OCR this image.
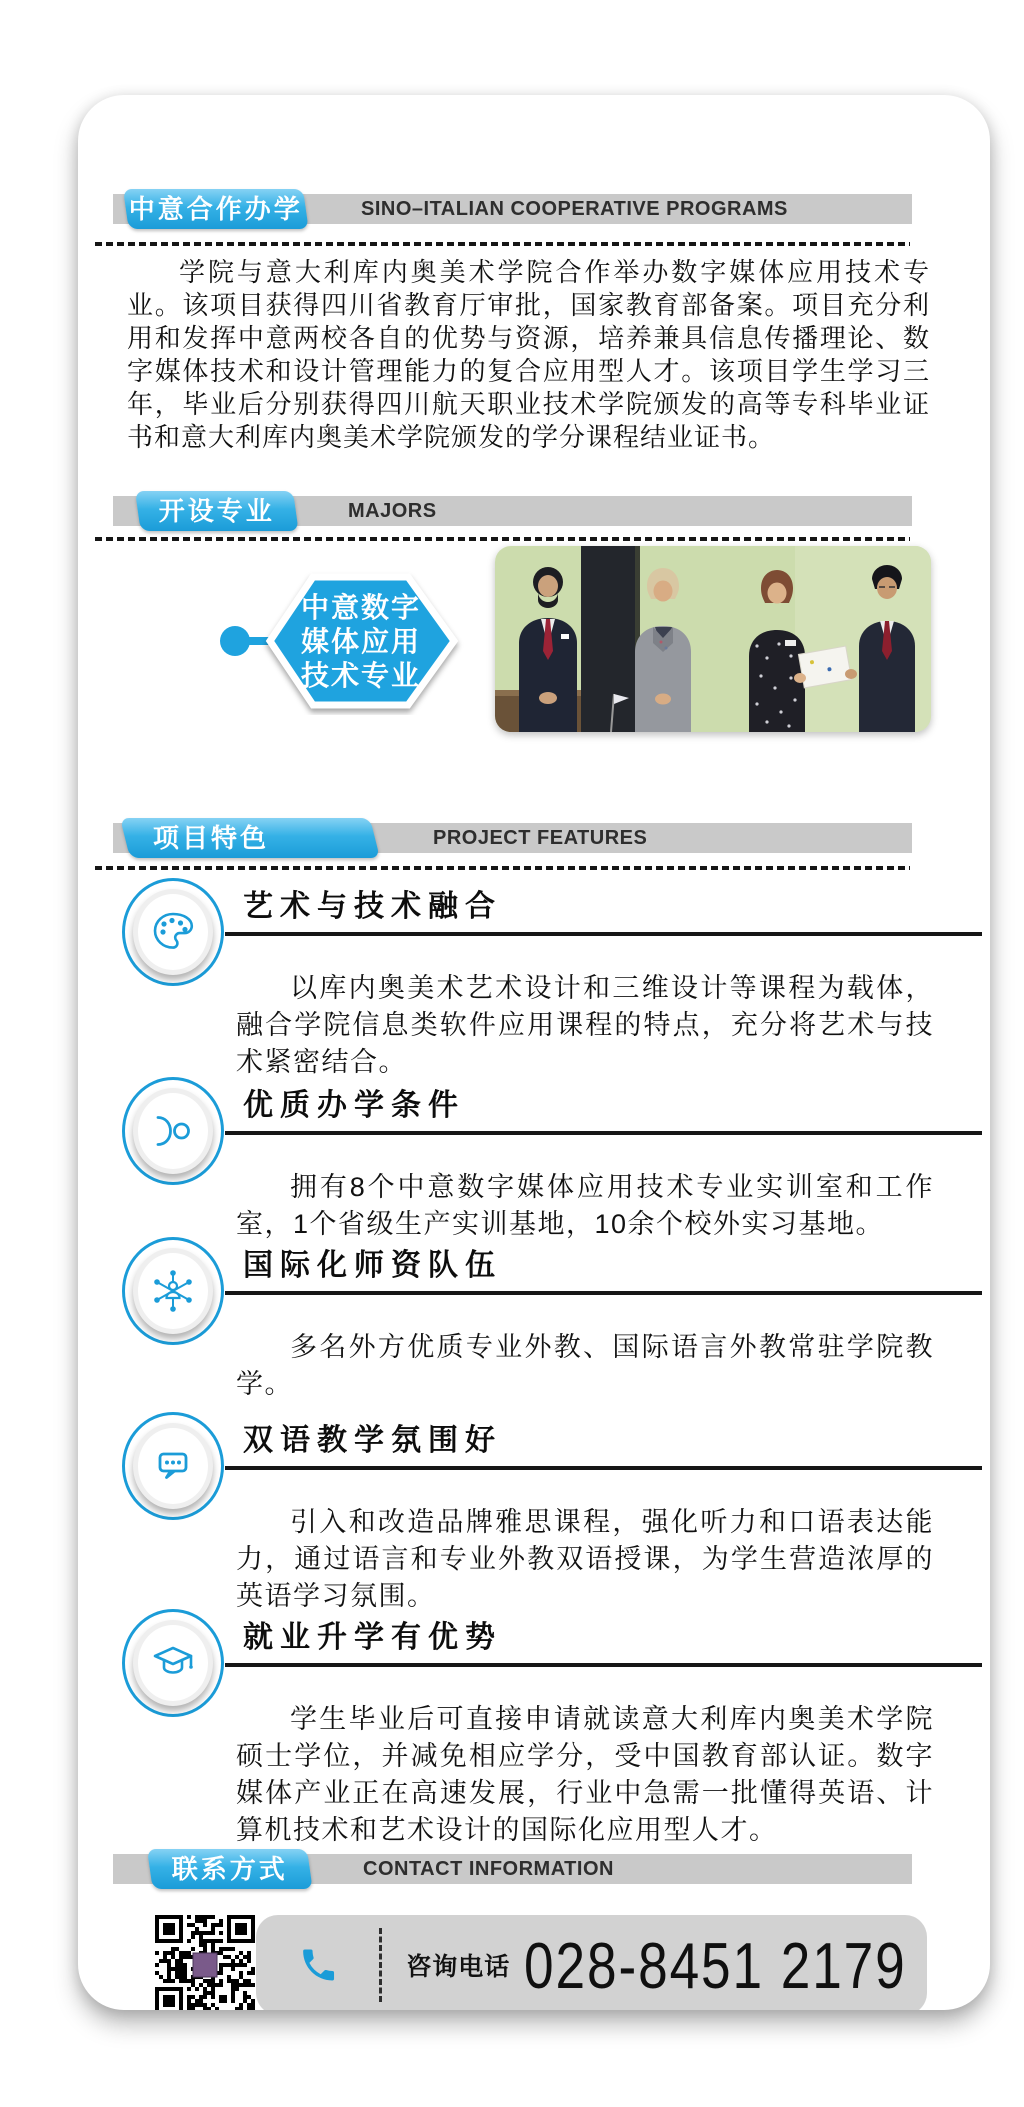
SINO–ITALIAN COOPERATIVE PROGRAMS
中意合作办学

学院与意大利库内奥美术学院合作举办数字媒体应用技术专业。该项目获得四川省教育厅审批，国家教育部备案。项目充分利用和发挥中意两校各自的优势与资源，培养兼具信息传播理论、数字媒体技术和设计管理能力的复合应用型人才。该项目学生学习三年，毕业后分别获得四川航天职业技术学院颁发的高等专科毕业证书和意大利库内奥美术学院颁发的学分课程结业证书。

MAJORS
开设专业
中意数字
媒体应用
技术专业
PROJECT FEATURES
项目特色
艺术与技术融合

以库内奥美术艺术设计和三维设计等课程为载体，融合学院信息类软件应用课程的特点，充分将艺术与技术紧密结合。

优质办学条件

拥有8个中意数字媒体应用技术专业实训室和工作室，1个省级生产实训基地，10余个校外实习基地。

国际化师资队伍

多名外方优质专业外教、国际语言外教常驻学院教学。

双语教学氛围好

引入和改造品牌雅思课程，强化听力和口语表达能力，通过语言和专业外教双语授课，为学生营造浓厚的英语学习氛围。

就业升学有优势

学生毕业后可直接申请就读意大利库内奥美术学院硕士学位，并减免相应学分，受中国教育部认证。数字媒体产业正在高速发展，行业中急需一批懂得英语、计算机技术和艺术设计的国际化应用型人才。

CONTACT INFORMATION
联系方式
咨询电话 028-8451 2179
